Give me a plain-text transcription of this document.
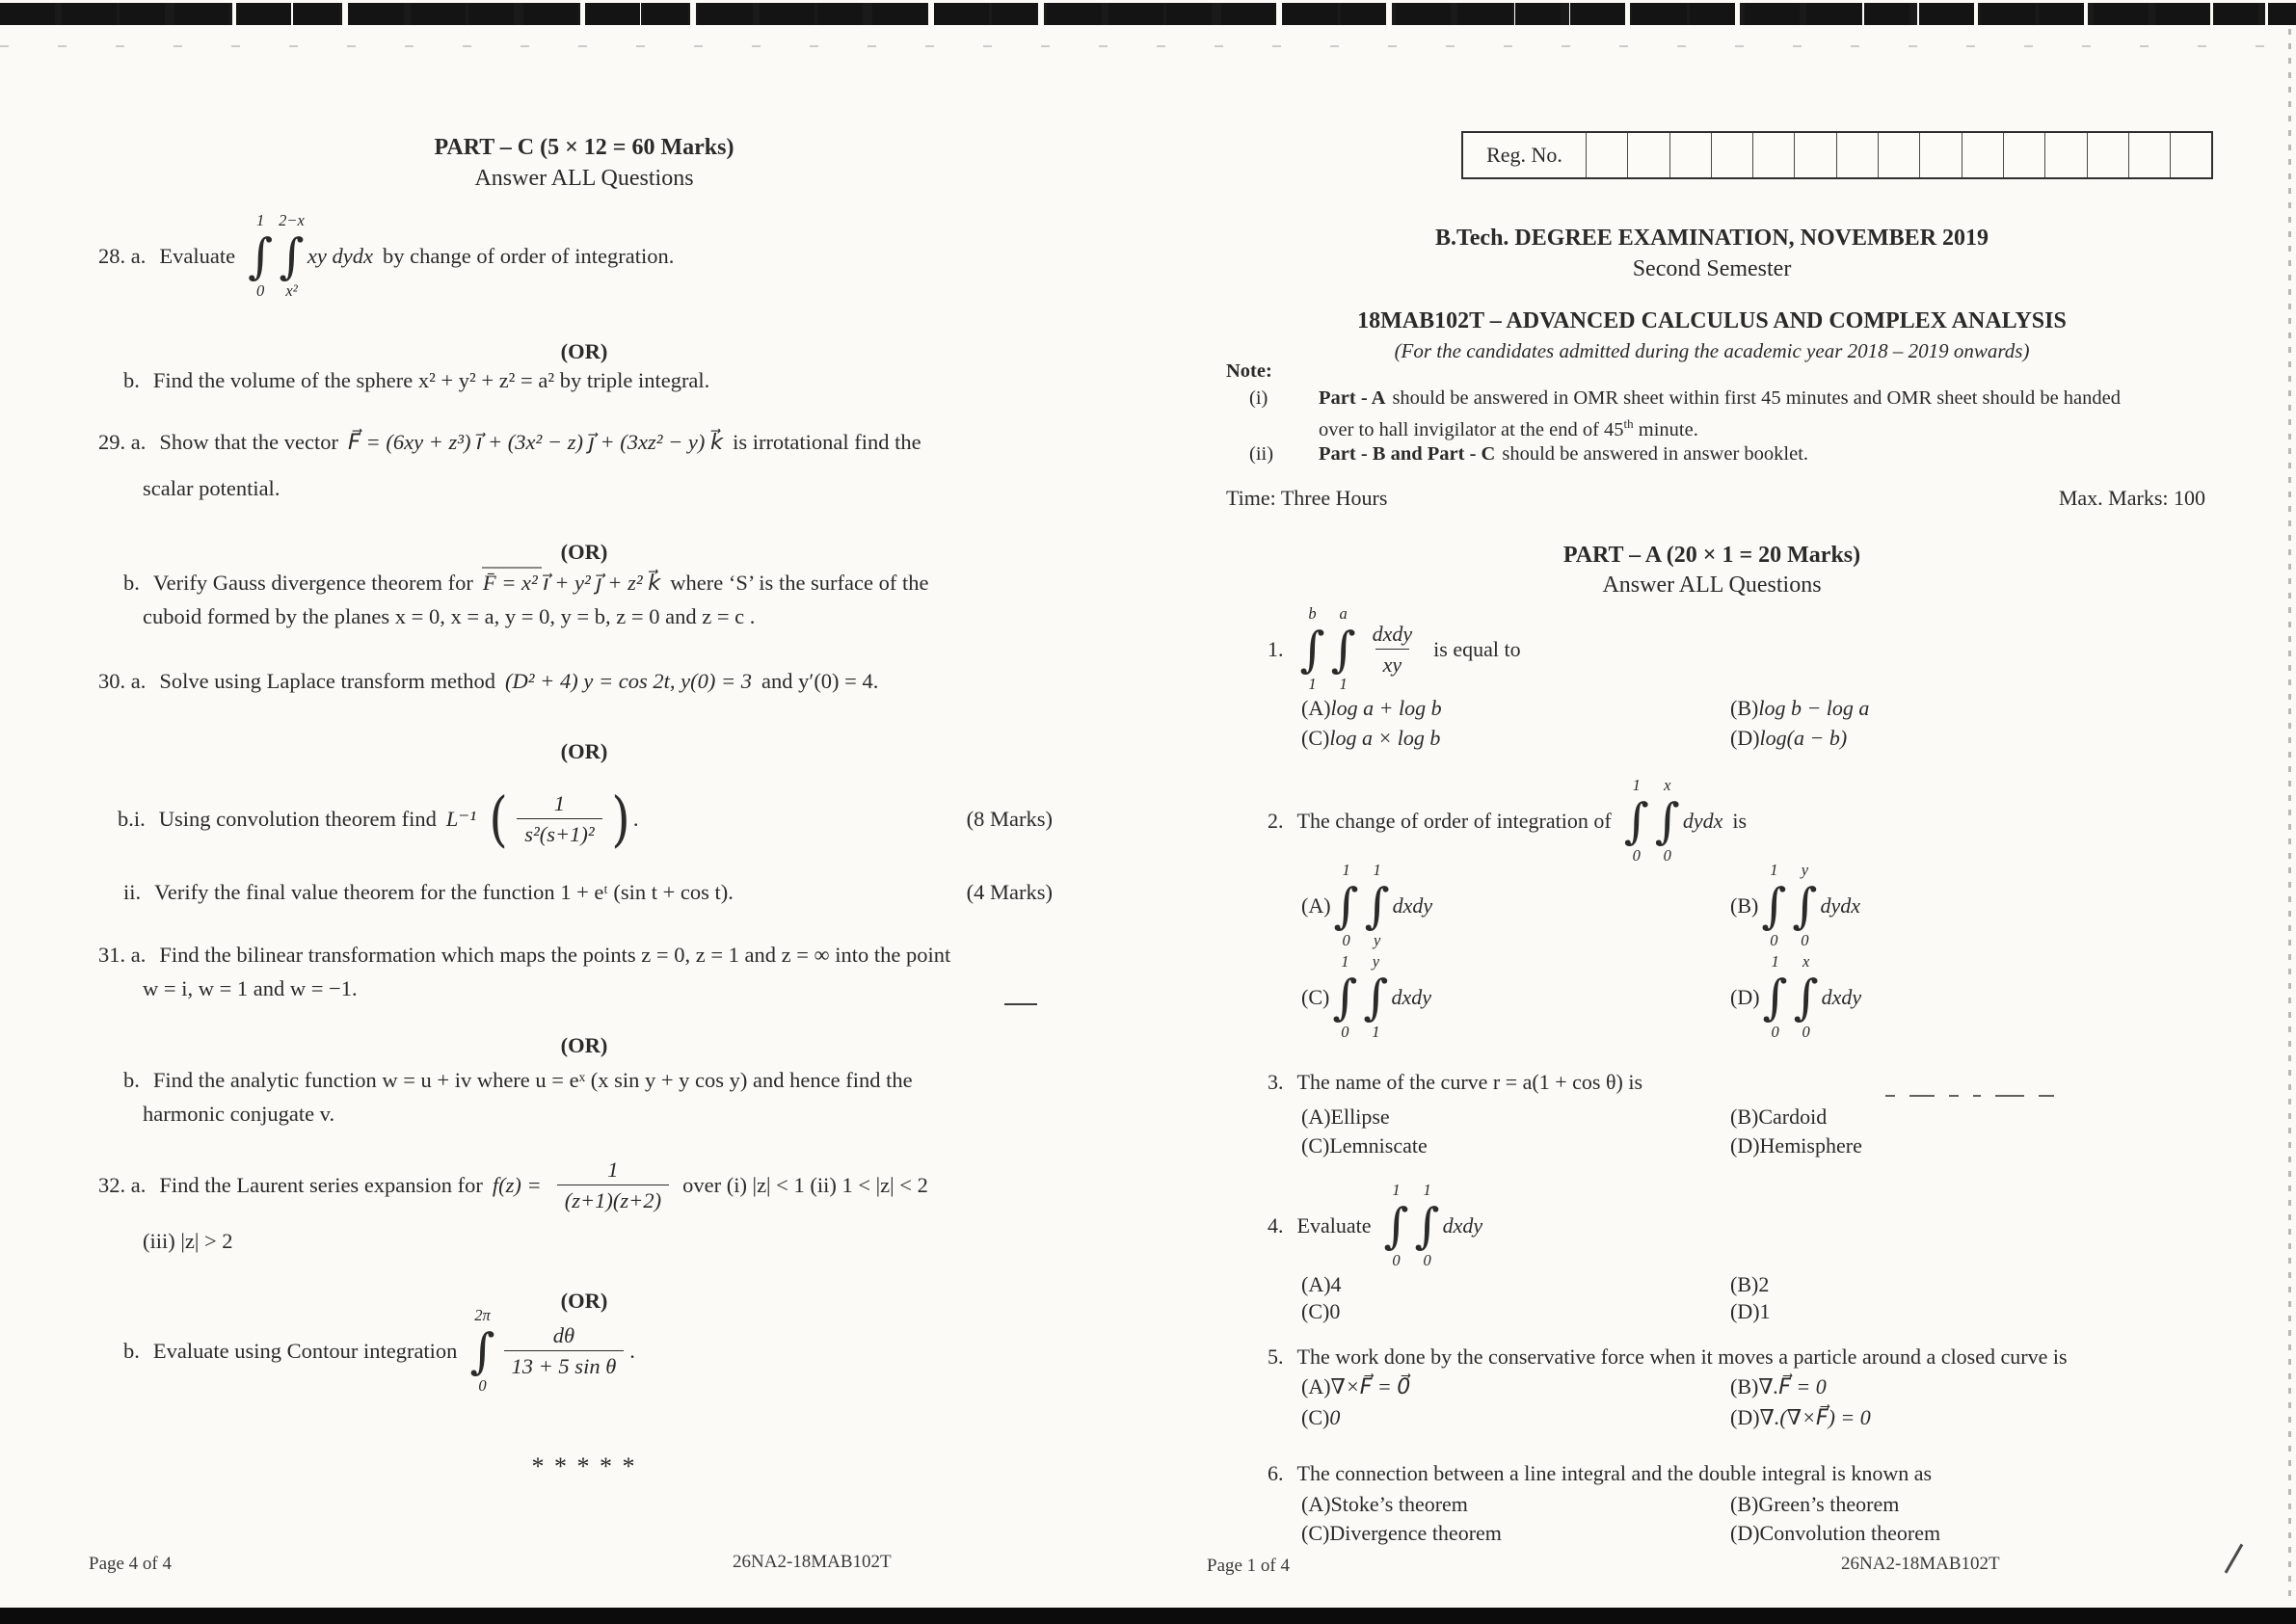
PART – C (5 × 12 = 60 Marks)
Answer ALL Questions
28. a. Evaluate
1
∫
0
2−x
∫
x²
xy dydx by change of order of integration.
(OR)
b. Find the volume of the sphere x² + y² + z² = a² by triple integral.
29. a. Show that the vector F⃗ = (6xy + z³) i⃗ + (3x² − z) j⃗ + (3xz² − y) k⃗ is irrotational find the
scalar potential.
(OR)
b. Verify Gauss divergence theorem for F̄ = x² i⃗ + y² j⃗ + z² k⃗ where ‘S’ is the surface of the
cuboid formed by the planes x = 0, x = a, y = 0, y = b, z = 0 and z = c .
30. a. Solve using Laplace transform method (D² + 4) y = cos 2t, y(0) = 3 and y′(0) = 4.
(OR)
b.i. Using convolution theorem find L⁻¹ ( $\frac{1}{\text{s²(s+1)²}}$ ) .	(8 Marks)
ii. Verify the final value theorem for the function 1 + eᵗ (sin t + cos t).	(4 Marks)
31. a. Find the bilinear transformation which maps the points z = 0, z = 1 and z = ∞ into the point
w = i, w = 1 and w = −1.
(OR)
b. Find the analytic function w = u + iv where u = eˣ (x sin y + y cos y) and hence find the
harmonic conjugate v.
32. a. Find the Laurent series expansion for $f(z) = \frac{1}{(z+1)(z+2)}$ over (i) |z| < 1 (ii) 1 < |z| < 2
(iii) |z| > 2
(OR)
b. Evaluate using Contour integration
2π
∫
0
$\frac{d\theta}{\text{13 + 5 sin θ}}$ .
* * * * *
Page 4 of 4	26NA2-18MAB102T
Reg. No.
B.Tech. DEGREE EXAMINATION, NOVEMBER 2019
Second Semester
18MAB102T – ADVANCED CALCULUS AND COMPLEX ANALYSIS
(For the candidates admitted during the academic year 2018 – 2019 onwards)
Note:
(i)	Part - A should be answered in OMR sheet within first 45 minutes and OMR sheet should be handed
over to hall invigilator at the end of 45th minute.
(ii)	Part - B and Part - C should be answered in answer booklet.
Time: Three Hours	Max. Marks: 100
PART – A (20 × 1 = 20 Marks)
Answer ALL Questions
1.
b
∫
1
a
∫
1
$\frac{\text{dxdy}}{xy}$ is equal to
(A) log a + log b	(B) log b − log a
(C) log a × log b	(D) log(a − b)
2. The change of order of integration of
1
∫
0
x
∫
0
dydx is
(A)
1
∫
0
1
∫
y
dxdy	(B)
1
∫
0
y
∫
0
dydx
(C)
1
∫
0
y
∫
1
dxdy	(D)
1
∫
0
x
∫
0
dxdy
3. The name of the curve r = a(1 + cos θ) is
(A) Ellipse	(B) Cardoid
(C) Lemniscate	(D) Hemisphere
4. Evaluate
1
∫
0
1
∫
0
dxdy
(A) 4	(B) 2
(C) 0	(D) 1
5. The work done by the conservative force when it moves a particle around a closed curve is
(A) ∇×F⃗ = 0⃗	(B) ∇.F⃗ = 0
(C) 0	(D) ∇.(∇×F⃗) = 0
6. The connection between a line integral and the double integral is known as
(A) Stoke’s theorem	(B) Green’s theorem
(C) Divergence theorem	(D) Convolution theorem
Page 1 of 4	26NA2-18MAB102T
